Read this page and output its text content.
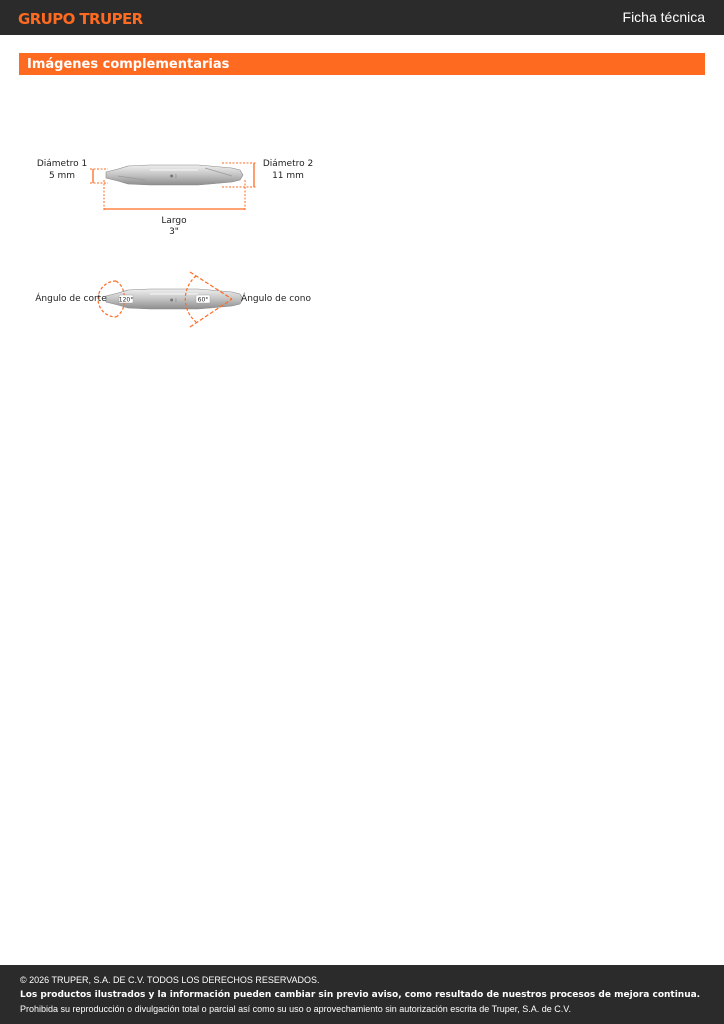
GRUPO TRUPER	Ficha técnica
Imágenes complementarias
● ▯
Diámetro 1
5 mm
Diámetro 2
11 mm
Largo
3"
● ▯
120°	60°
Ángulo de corte	Ángulo de cono

© 2026 TRUPER, S.A. DE C.V. TODOS LOS DERECHOS RESERVADOS.

Los productos ilustrados y la información pueden cambiar sin previo aviso, como resultado de nuestros procesos de mejora continua.

Prohibida su reproducción o divulgación total o parcial así como su uso o aprovechamiento sin autorización escrita de Truper, S.A. de C.V.
